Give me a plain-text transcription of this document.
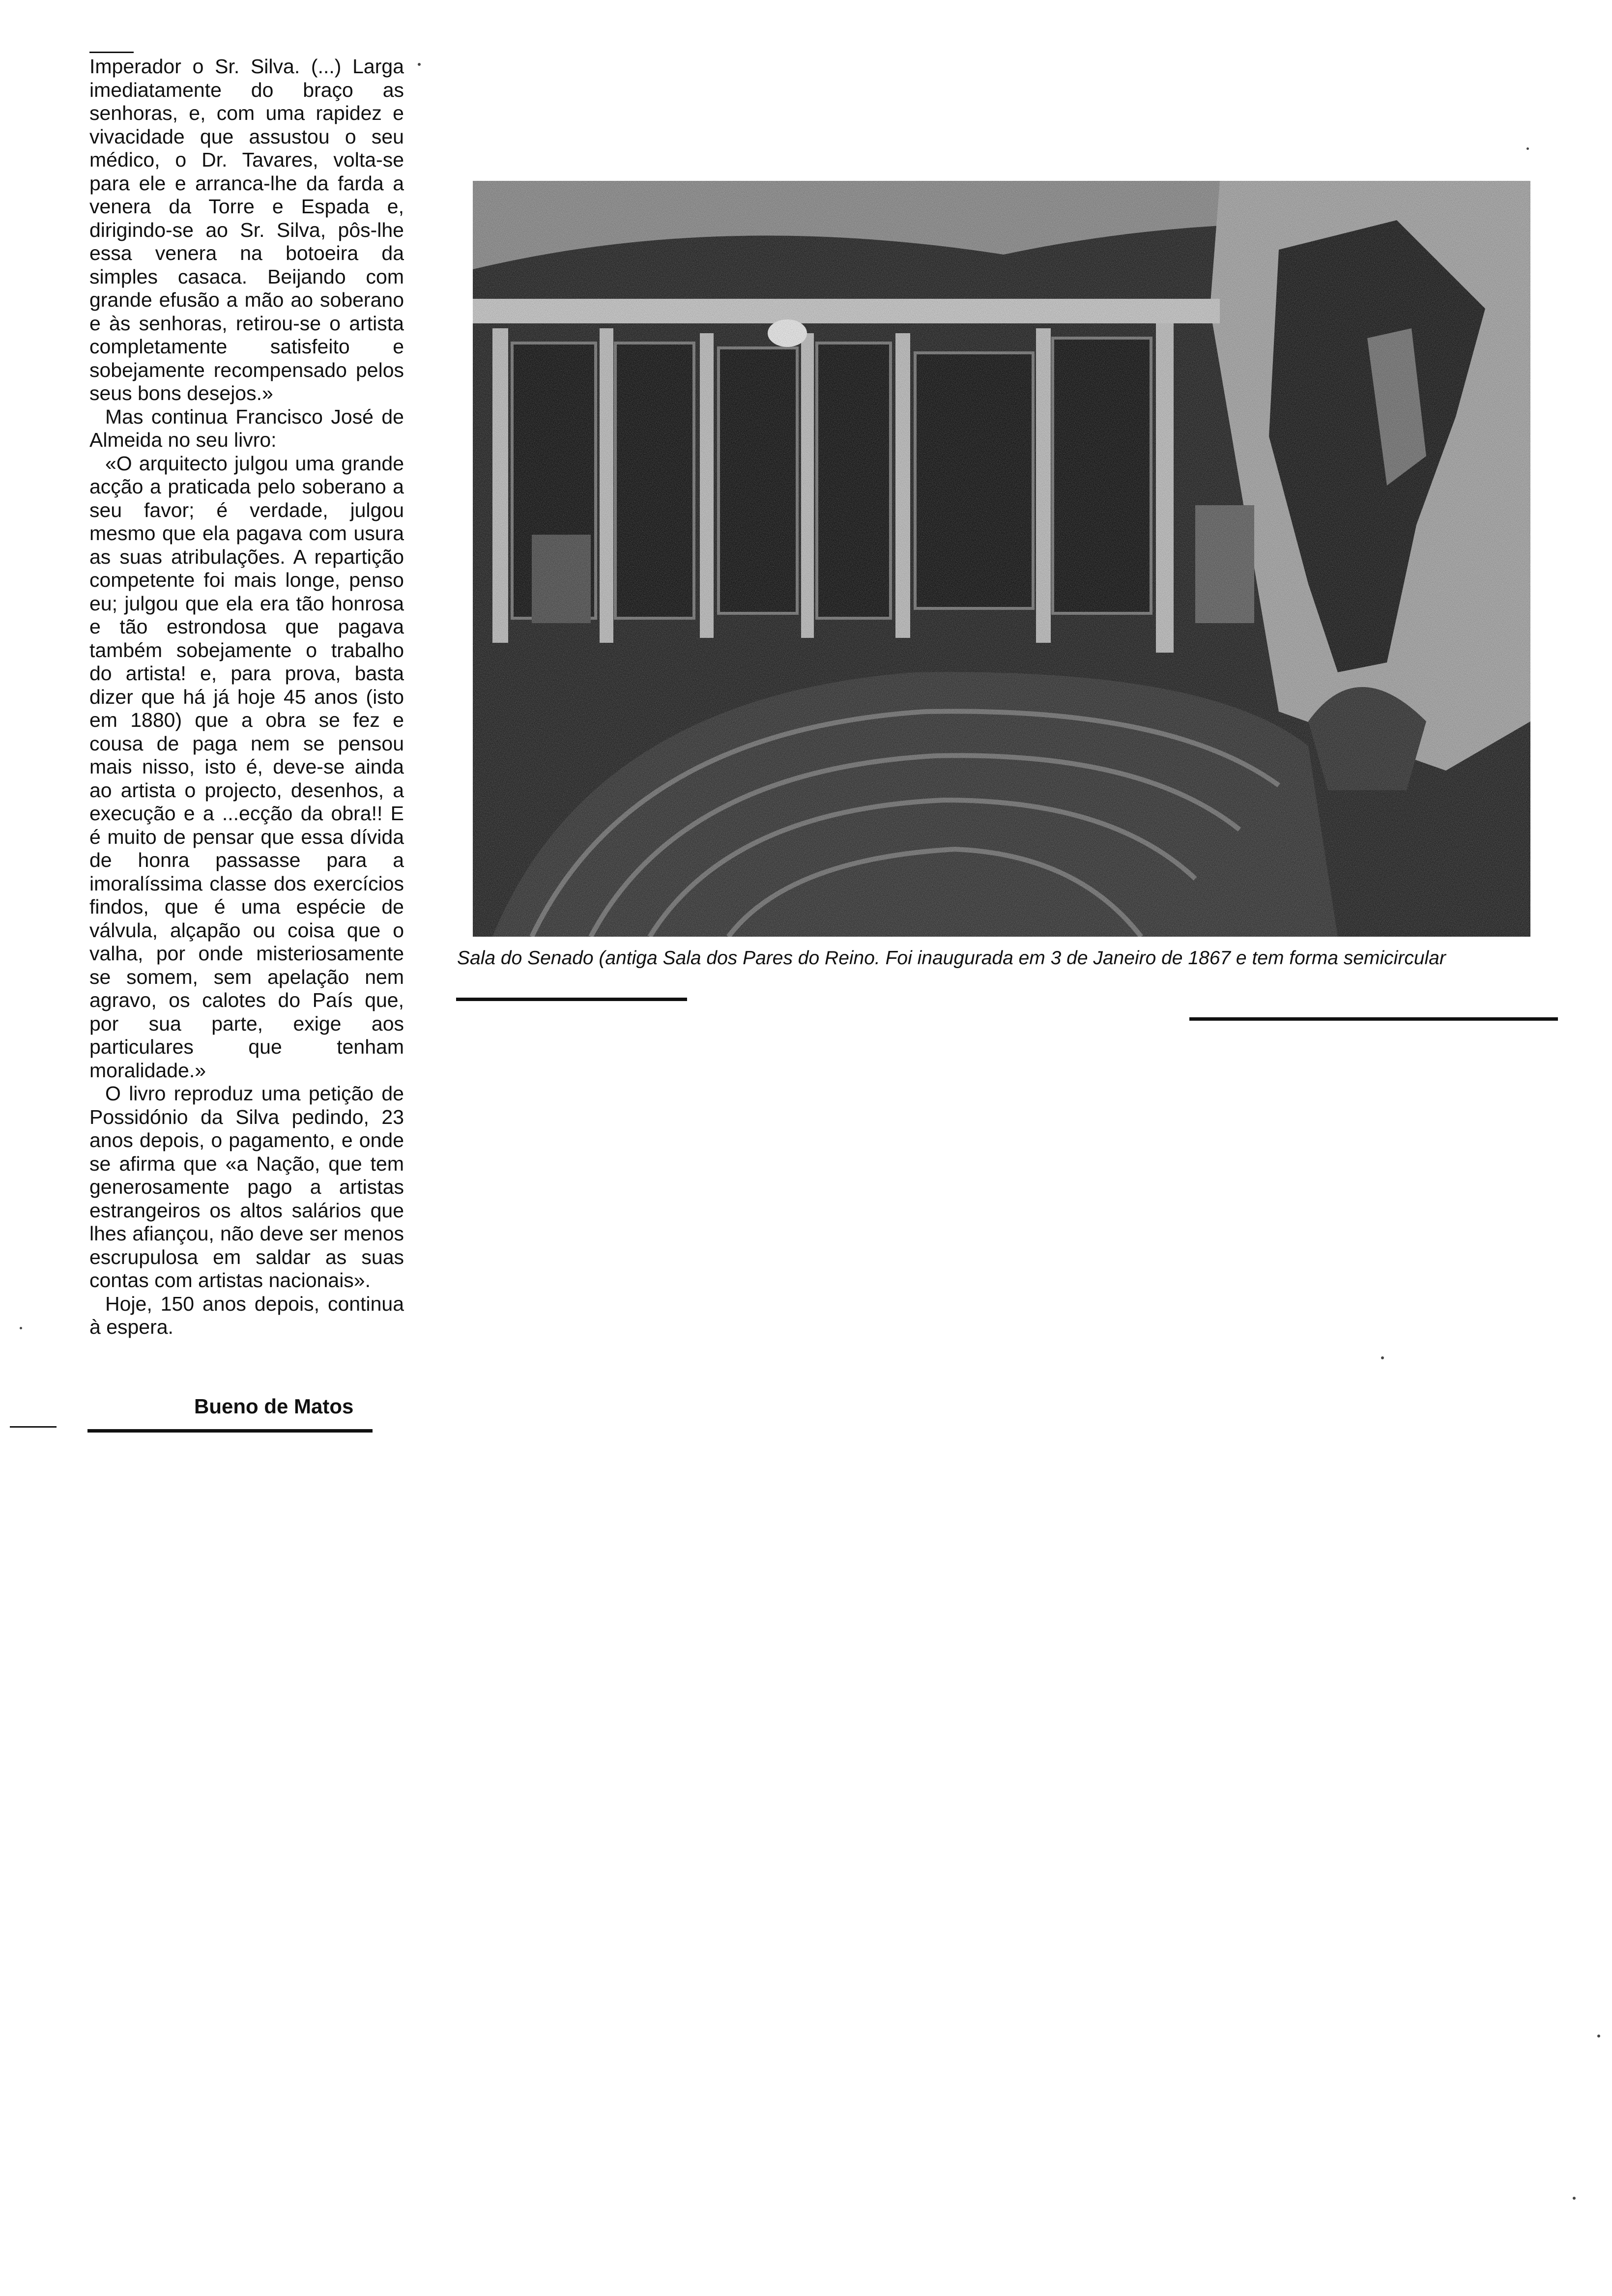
Imperador o Sr. Silva. (...) Larga imediatamente do braço as senhoras, e, com uma rapidez e vivacidade que assustou o seu médico, o Dr. Tavares, volta-se para ele e arranca-lhe da farda a venera da Torre e Espada e, dirigindo-se ao Sr. Silva, pôs-lhe essa venera na botoeira da simples casaca. Beijando com grande efusão a mão ao soberano e às senhoras, retirou-se o artista completamente satisfeito e sobejamente recompensado pelos seus bons desejos.»

Mas continua Francisco José de Almeida no seu livro:

«O arquitecto julgou uma grande acção a praticada pelo soberano a seu favor; é verdade, julgou mesmo que ela pagava com usura as suas atribulações. A repartição competente foi mais longe, penso eu; julgou que ela era tão honrosa e tão estrondosa que pagava também sobejamente o trabalho do artista! e, para prova, basta dizer que há já hoje 45 anos (isto em 1880) que a obra se fez e cousa de paga nem se pensou mais nisso, isto é, deve-se ainda ao artista o projecto, desenhos, a execução e a ...ecção da obra!! E é muito de pensar que essa dívida de honra passasse para a imoralíssima classe dos exercícios findos, que é uma espécie de válvula, alçapão ou coisa que o valha, por onde misteriosamente se somem, sem apelação nem agravo, os calotes do País que, por sua parte, exige aos particulares que tenham moralidade.»

O livro reproduz uma petição de Possidónio da Silva pedindo, 23 anos depois, o pagamento, e onde se afirma que «a Nação, que tem generosamente pago a artistas estrangeiros os altos salários que lhes afiançou, não deve ser menos escrupulosa em saldar as suas contas com artistas nacionais».

Hoje, 150 anos depois, continua à espera.

Bueno de Matos
Sala do Senado (antiga Sala dos Pares do Reino. Foi inaugurada em 3 de Janeiro de 1867 e tem forma semicircular
